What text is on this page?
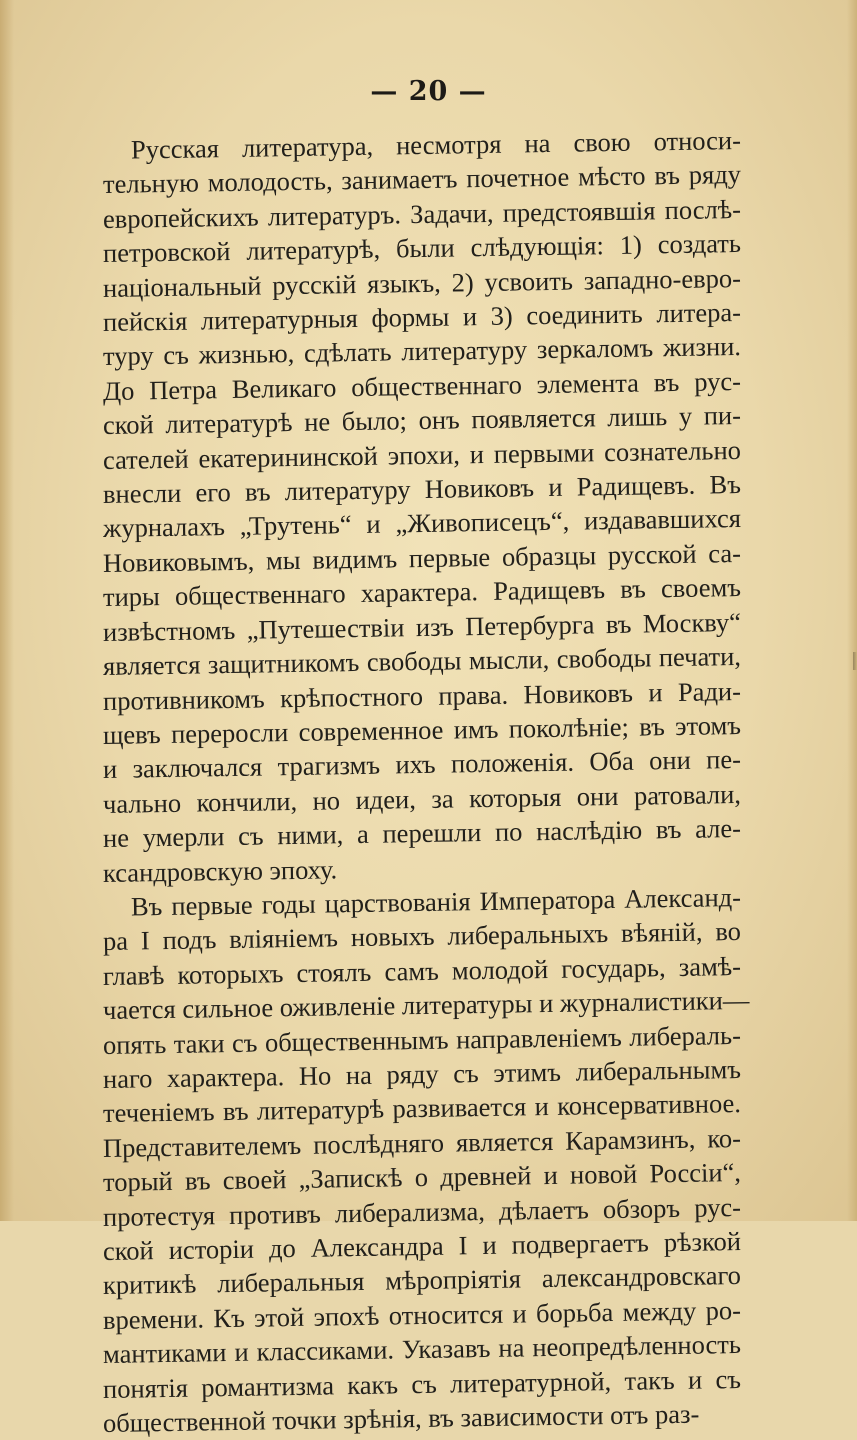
— 20 —
Русская литература, несмотря на свою относи-
тельную молодость, занимаетъ почетное мѣсто въ ряду
европейскихъ литературъ. Задачи, предстоявшія послѣ-
петровской литературѣ, были слѣдующія: 1) создать
національный русскій языкъ, 2) усвоить западно-евро-
пейскія литературныя формы и 3) соединить литера-
туру съ жизнью, сдѣлать литературу зеркаломъ жизни.
До Петра Великаго общественнаго элемента въ рус-
ской литературѣ не было; онъ появляется лишь у пи-
сателей екатерининской эпохи, и первыми сознательно
внесли его въ литературу Новиковъ и Радищевъ. Въ
журналахъ „Трутень“ и „Живописецъ“, издававшихся
Новиковымъ, мы видимъ первые образцы русской са-
тиры общественнаго характера. Радищевъ въ своемъ
извѣстномъ „Путешествіи изъ Петербурга въ Москву“
является защитникомъ свободы мысли, свободы печати,
противникомъ крѣпостного права. Новиковъ и Ради-
щевъ переросли современное имъ поколѣніе; въ этомъ
и заключался трагизмъ ихъ положенія. Оба они пе-
чально кончили, но идеи, за которыя они ратовали,
не умерли съ ними, а перешли по наслѣдію въ але-
ксандровскую эпоху.
Въ первые годы царствованія Императора Александ-
ра I подъ вліяніемъ новыхъ либеральныхъ вѣяній, во
главѣ которыхъ стоялъ самъ молодой государь, замѣ-
чается сильное оживленіе литературы и журналистики—
опять таки съ общественнымъ направленіемъ либераль-
наго характера. Но на ряду съ этимъ либеральнымъ
теченіемъ въ литературѣ развивается и консервативное.
Представителемъ послѣдняго является Карамзинъ, ко-
торый въ своей „Запискѣ о древней и новой Россіи“,
протестуя противъ либерализма, дѣлаетъ обзоръ рус-
ской исторіи до Александра I и подвергаетъ рѣзкой
критикѣ либеральныя мѣропріятія александровскаго
времени. Къ этой эпохѣ относится и борьба между ро-
мантиками и классиками. Указавъ на неопредѣленность
понятія романтизма какъ съ литературной, такъ и съ
общественной точки зрѣнія, въ зависимости отъ раз-
